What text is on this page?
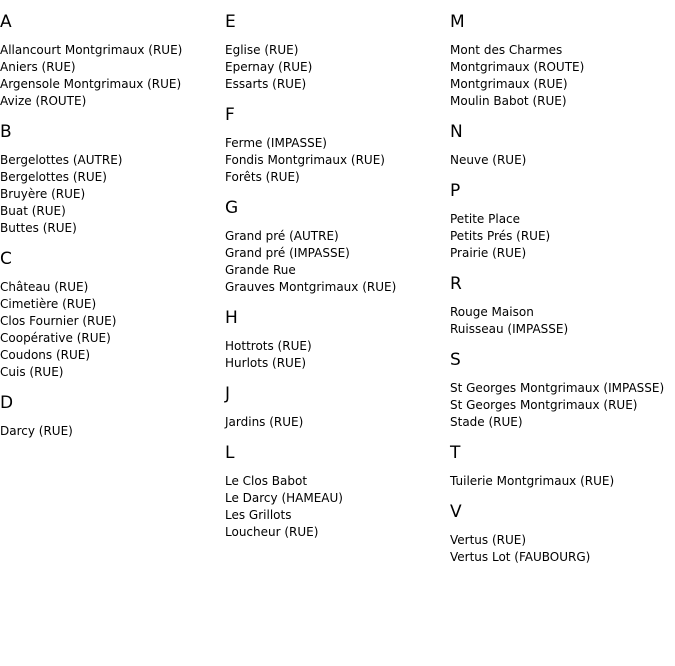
A
Allancourt Montgrimaux (RUE)
Aniers (RUE)
Argensole Montgrimaux (RUE)
Avize (ROUTE)
B
Bergelottes (AUTRE)
Bergelottes (RUE)
Bruyère (RUE)
Buat (RUE)
Buttes (RUE)
C
Château (RUE)
Cimetière (RUE)
Clos Fournier (RUE)
Coopérative (RUE)
Coudons (RUE)
Cuis (RUE)
D
Darcy (RUE)
E
Eglise (RUE)
Epernay (RUE)
Essarts (RUE)
F
Ferme (IMPASSE)
Fondis Montgrimaux (RUE)
Forêts (RUE)
G
Grand pré (AUTRE)
Grand pré (IMPASSE)
Grande Rue
Grauves Montgrimaux (RUE)
H
Hottrots (RUE)
Hurlots (RUE)
J
Jardins (RUE)
L
Le Clos Babot
Le Darcy (HAMEAU)
Les Grillots
Loucheur (RUE)
M
Mont des Charmes
Montgrimaux (ROUTE)
Montgrimaux (RUE)
Moulin Babot (RUE)
N
Neuve (RUE)
P
Petite Place
Petits Prés (RUE)
Prairie (RUE)
R
Rouge Maison
Ruisseau (IMPASSE)
S
St Georges Montgrimaux (IMPASSE)
St Georges Montgrimaux (RUE)
Stade (RUE)
T
Tuilerie Montgrimaux (RUE)
V
Vertus (RUE)
Vertus Lot (FAUBOURG)
